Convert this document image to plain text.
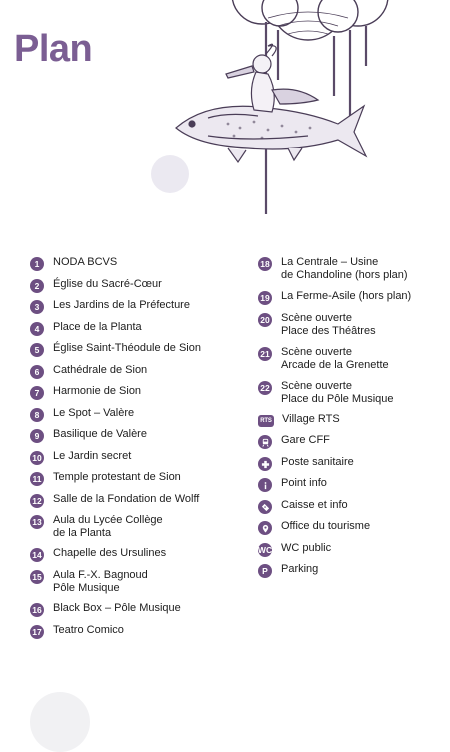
Plan
1	NODA BCVS
2	Église du Sacré-Cœur
3	Les Jardins de la Préfecture
4	Place de la Planta
5	Église Saint-Théodule de Sion
6	Cathédrale de Sion
7	Harmonie de Sion
8	Le Spot – Valère
9	Basilique de Valère
10 Le Jardin secret
11 Temple protestant de Sion
12 Salle de la Fondation de Wolff
13 Aula du Lycée Collège
de la Planta
14 Chapelle des Ursulines
15 Aula F.-X. Bagnoud
Pôle Musique
16 Black Box – Pôle Musique
17 Teatro Comico
18 La Centrale – Usine
de Chandoline (hors plan)
19 La Ferme-Asile (hors plan)
20 Scène ouverte
Place des Théâtres
21 Scène ouverte
Arcade de la Grenette
22 Scène ouverte
Place du Pôle Musique
RTS Village RTS
Gare CFF
Poste sanitaire
Point info
Caisse et info
Office du tourisme
WC WC public
P	Parking
